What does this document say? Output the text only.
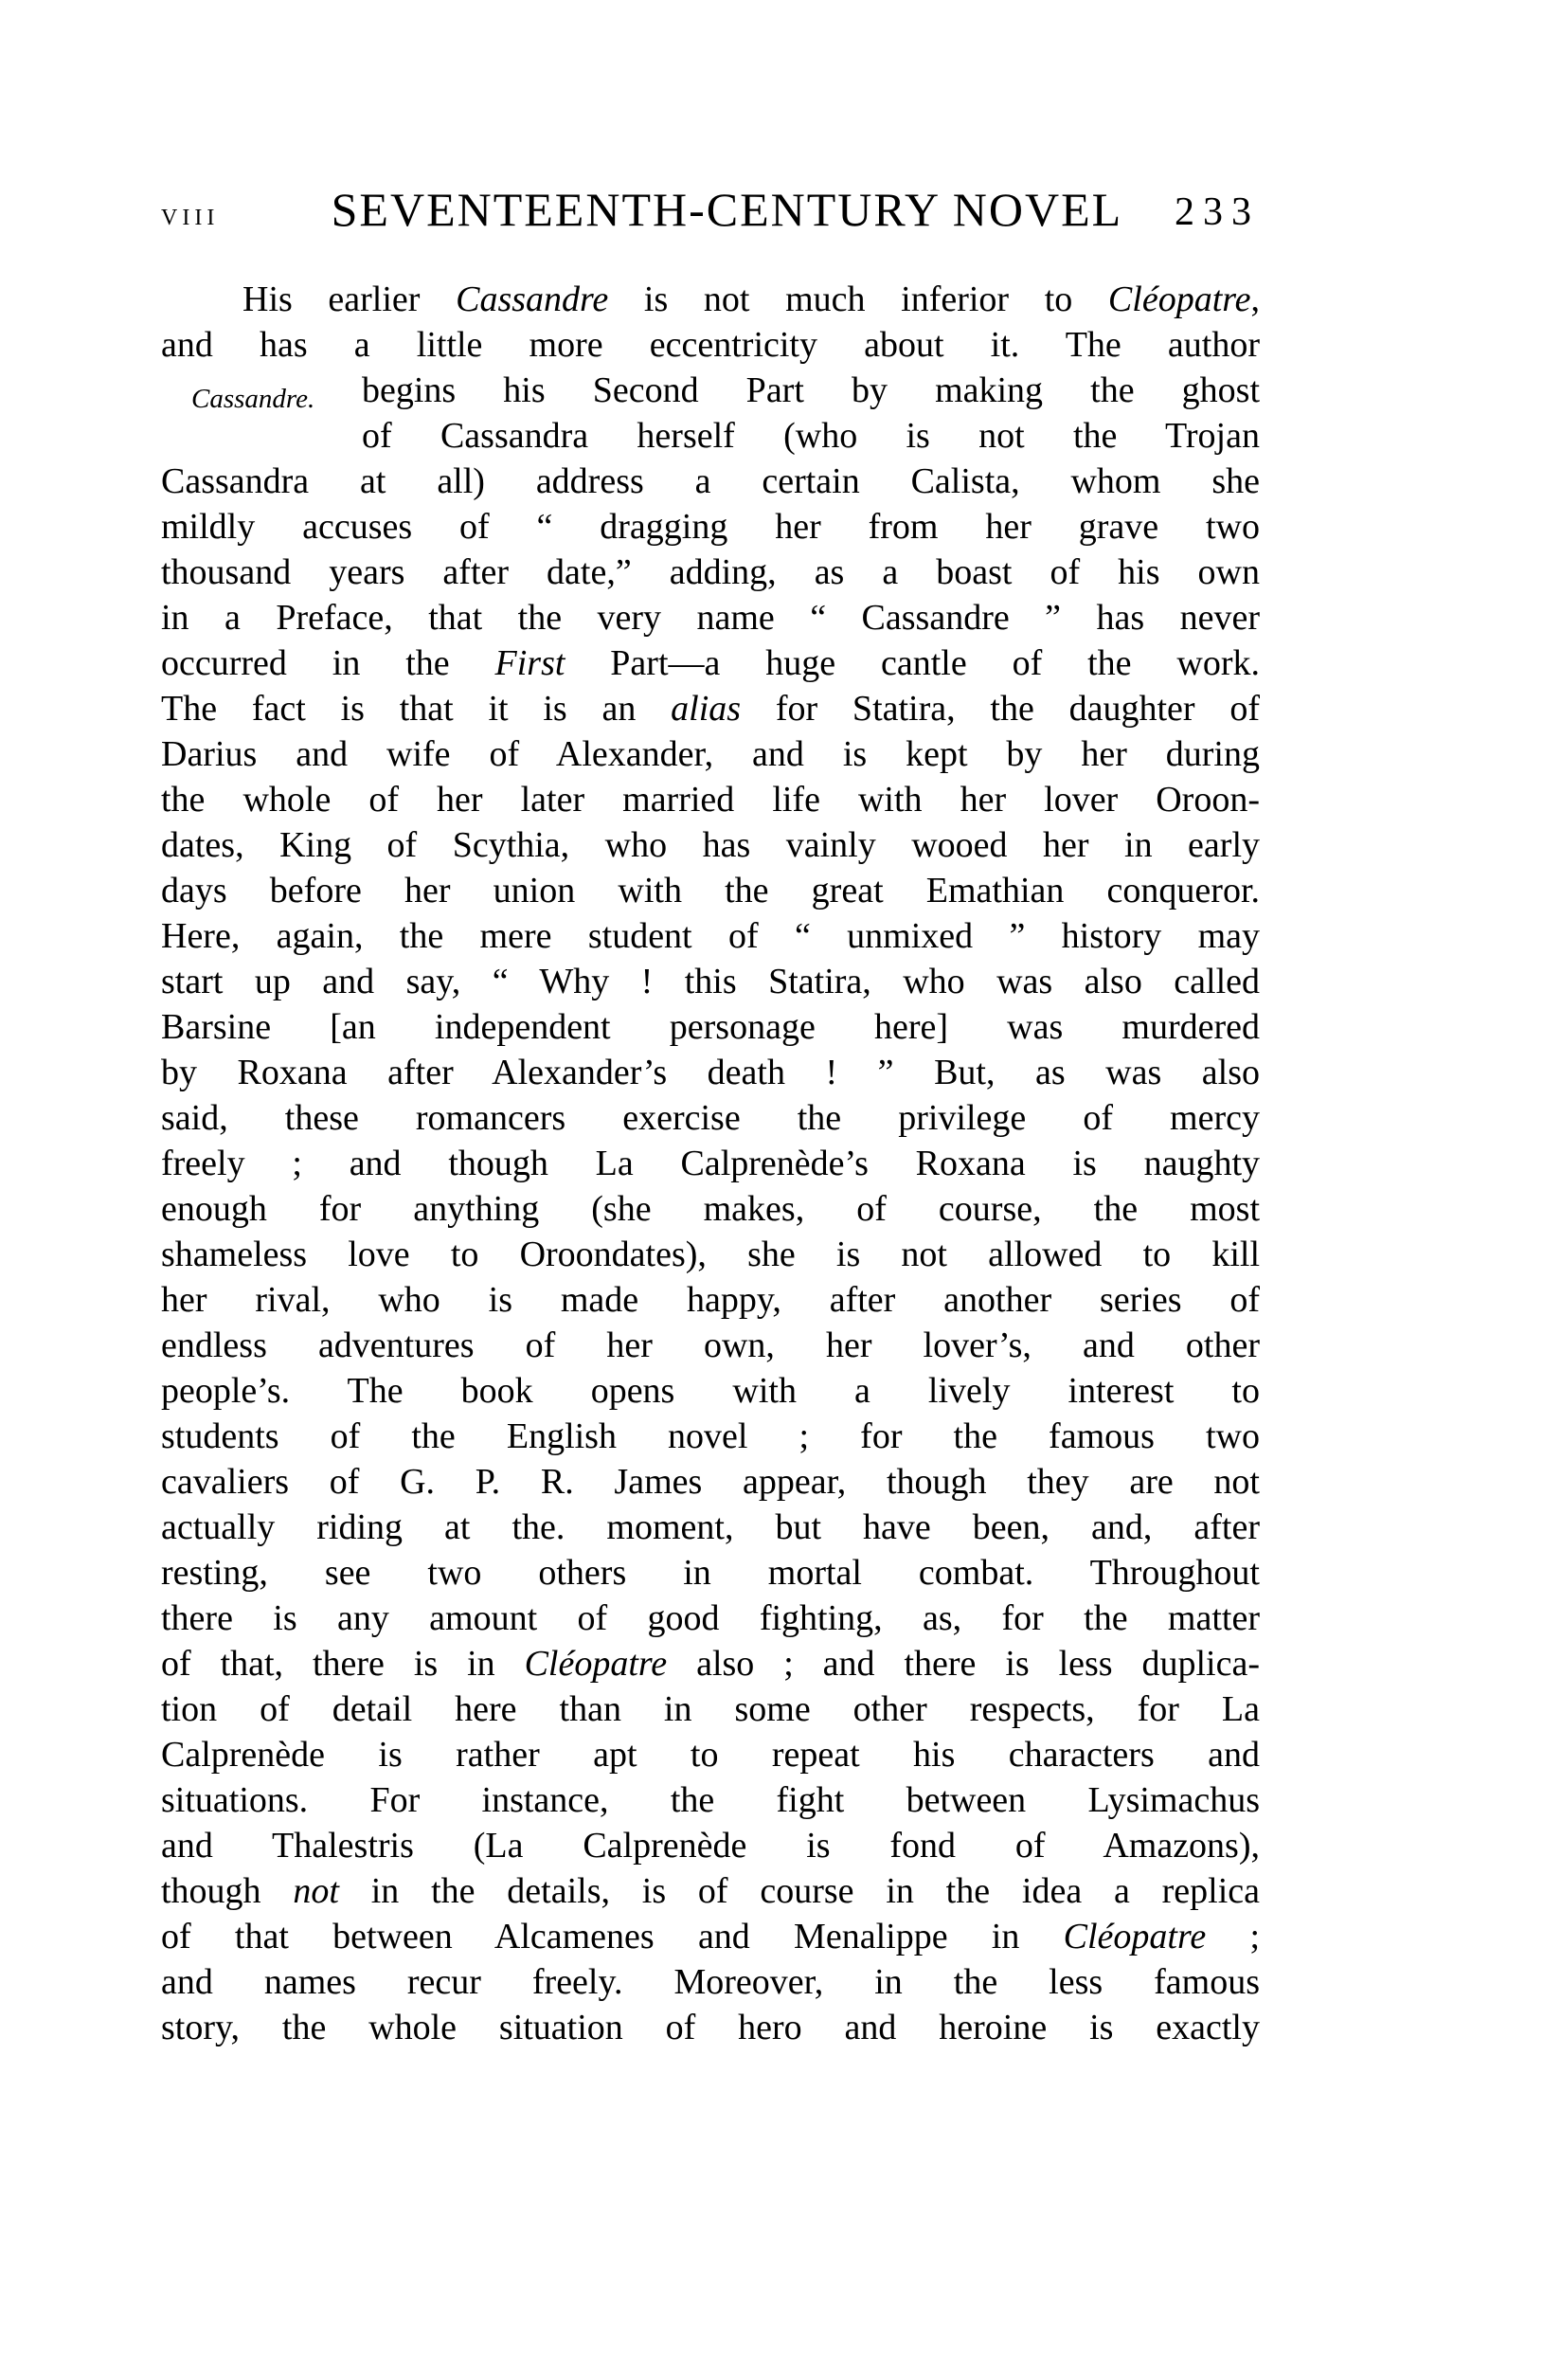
VIII SEVENTEENTH-CENTURY NOVEL 233
Cassandre.
His earlier Cassandre is not much inferior to Cléopatre,
and has a little more eccentricity about it. The author
begins his Second Part by making the ghost
of Cassandra herself (who is not the Trojan
Cassandra at all) address a certain Calista, whom she
mildly accuses of “ dragging her from her grave two
thousand years after date,” adding, as a boast of his own
in a Preface, that the very name “ Cassandre ” has never
occurred in the First Part—a huge cantle of the work.
The fact is that it is an alias for Statira, the daughter of
Darius and wife of Alexander, and is kept by her during
the whole of her later married life with her lover Oroon-
dates, King of Scythia, who has vainly wooed her in early
days before her union with the great Emathian conqueror.
Here, again, the mere student of “ unmixed ” history may
start up and say, “ Why ! this Statira, who was also called
Barsine [an independent personage here] was murdered
by Roxana after Alexander’s death ! ” But, as was also
said, these romancers exercise the privilege of mercy
freely ; and though La Calprenède’s Roxana is naughty
enough for anything (she makes, of course, the most
shameless love to Oroondates), she is not allowed to kill
her rival, who is made happy, after another series of
endless adventures of her own, her lover’s, and other
people’s. The book opens with a lively interest to
students of the English novel ; for the famous two
cavaliers of G. P. R. James appear, though they are not
actually riding at the. moment, but have been, and, after
resting, see two others in mortal combat. Throughout
there is any amount of good fighting, as, for the matter
of that, there is in Cléopatre also ; and there is less duplica-
tion of detail here than in some other respects, for La
Calprenède is rather apt to repeat his characters and
situations. For instance, the fight between Lysimachus
and Thalestris (La Calprenède is fond of Amazons),
though not in the details, is of course in the idea a replica
of that between Alcamenes and Menalippe in Cléopatre ;
and names recur freely. Moreover, in the less famous
story, the whole situation of hero and heroine is exactly
